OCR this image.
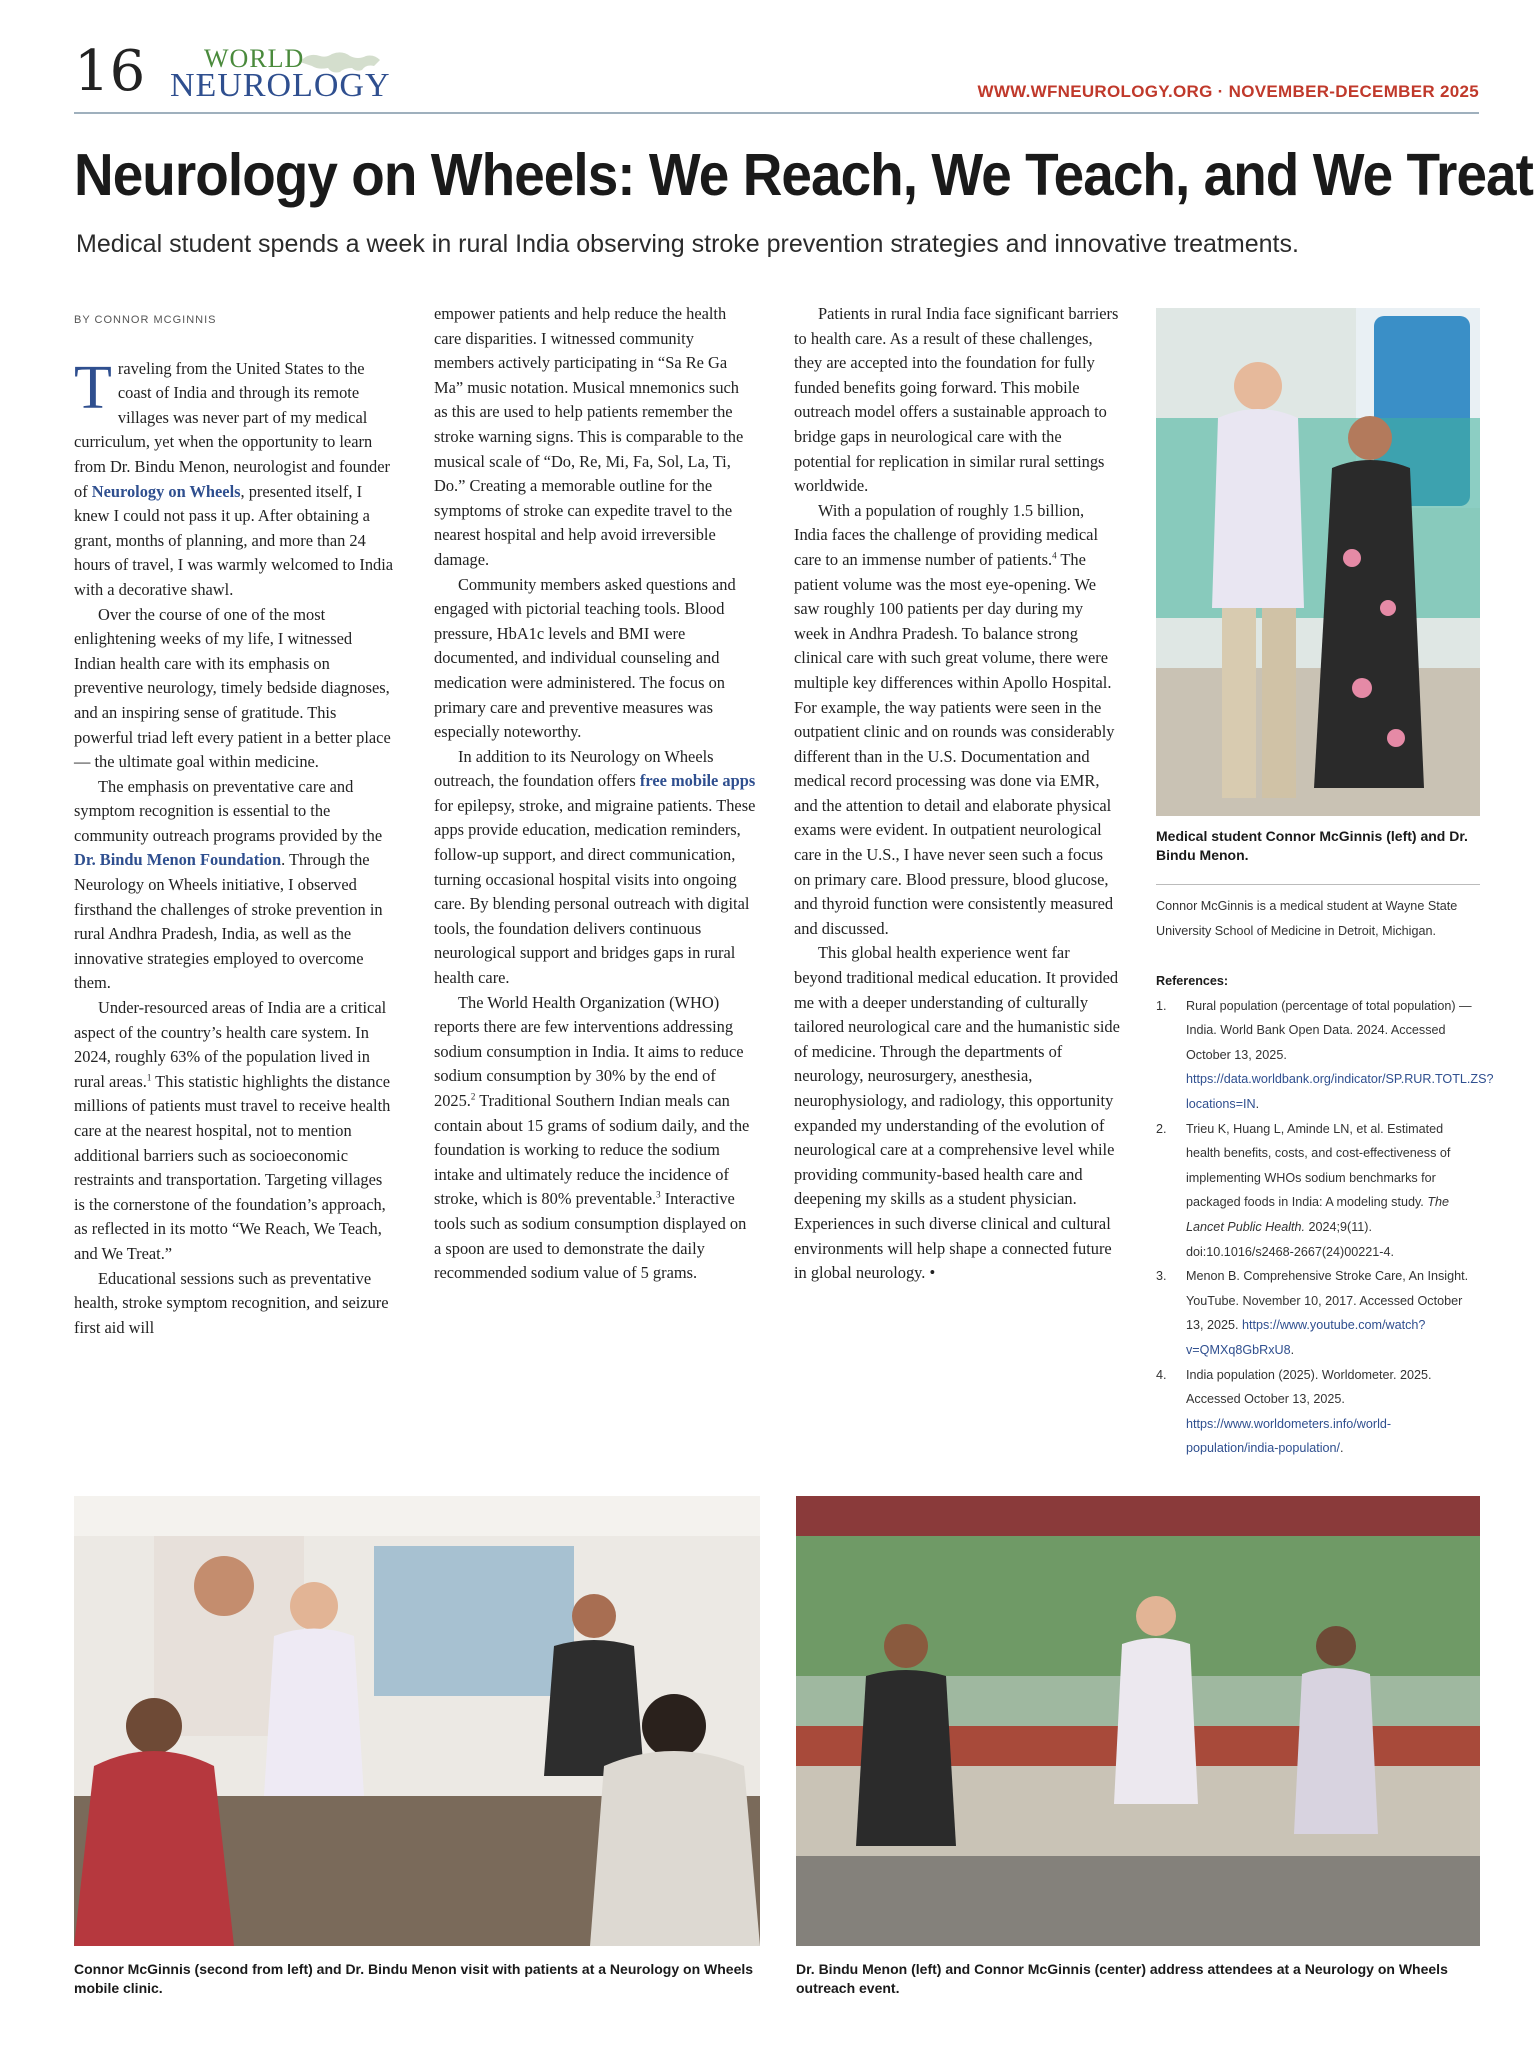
16 WORLD
NEUROLOGY	WWW.WFNEUROLOGY.ORG · NOVEMBER-DECEMBER 2025
Neurology on Wheels: We Reach, We Teach, and We Treat
Medical student spends a week in rural India observing stroke prevention strategies and innovative treatments.
BY CONNOR MCGINNIS

Traveling from the United States to the coast of India and through its remote villages was never part of my medical curriculum, yet when the opportunity to learn from Dr. Bindu Menon, neurologist and founder of Neurology on Wheels, presented itself, I knew I could not pass it up. After obtaining a grant, months of planning, and more than 24 hours of travel, I was warmly welcomed to India with a decorative shawl.

Over the course of one of the most enlightening weeks of my life, I witnessed Indian health care with its emphasis on preventive neurology, timely bedside diagnoses, and an inspiring sense of gratitude. This powerful triad left every patient in a better place — the ultimate goal within medicine.

The emphasis on preventative care and symptom recognition is essential to the community outreach programs provided by the Dr. Bindu Menon Foundation. Through the Neurology on Wheels initiative, I observed firsthand the challenges of stroke prevention in rural Andhra Pradesh, India, as well as the innovative strategies employed to overcome them.

Under-resourced areas of India are a critical aspect of the country’s health care system. In 2024, roughly 63% of the population lived in rural areas.$^1$ This statistic highlights the distance millions of patients must travel to receive health care at the nearest hospital, not to mention additional barriers such as socioeconomic restraints and transportation. Targeting villages is the cornerstone of the foundation’s approach, as reflected in its motto “We Reach, We Teach, and We Treat.”

Educational sessions such as preventative health, stroke symptom recognition, and seizure first aid will

empower patients and help reduce the health care disparities. I witnessed community members actively participating in “Sa Re Ga Ma” music notation. Musical mnemonics such as this are used to help patients remember the stroke warning signs. This is comparable to the musical scale of “Do, Re, Mi, Fa, Sol, La, Ti, Do.” Creating a memorable outline for the symptoms of stroke can expedite travel to the nearest hospital and help avoid irreversible damage.

Community members asked questions and engaged with pictorial teaching tools. Blood pressure, HbA1c levels and BMI were documented, and individual counseling and medication were administered. The focus on primary care and preventive measures was especially noteworthy.

In addition to its Neurology on Wheels outreach, the foundation offers free mobile apps for epilepsy, stroke, and migraine patients. These apps provide education, medication reminders, follow-up support, and direct communication, turning occasional hospital visits into ongoing care. By blending personal outreach with digital tools, the foundation delivers continuous neurological support and bridges gaps in rural health care.

The World Health Organization (WHO) reports there are few interventions addressing sodium consumption in India. It aims to reduce sodium consumption by 30% by the end of 2025.$^2$ Traditional Southern Indian meals can contain about 15 grams of sodium daily, and the foundation is working to reduce the sodium intake and ultimately reduce the incidence of stroke, which is 80% preventable.$^3$ Interactive tools such as sodium consumption displayed on a spoon are used to demonstrate the daily recommended sodium value of 5 grams.

Patients in rural India face significant barriers to health care. As a result of these challenges, they are accepted into the foundation for fully funded benefits going forward. This mobile outreach model offers a sustainable approach to bridge gaps in neurological care with the potential for replication in similar rural settings worldwide.

With a population of roughly 1.5 billion, India faces the challenge of providing medical care to an immense number of patients.$^4$ The patient volume was the most eye-opening. We saw roughly 100 patients per day during my week in Andhra Pradesh. To balance strong clinical care with such great volume, there were multiple key differences within Apollo Hospital. For example, the way patients were seen in the outpatient clinic and on rounds was considerably different than in the U.S. Documentation and medical record processing was done via EMR, and the attention to detail and elaborate physical exams were evident. In outpatient neurological care in the U.S., I have never seen such a focus on primary care. Blood pressure, blood glucose, and thyroid function were consistently measured and discussed.

This global health experience went far beyond traditional medical education. It provided me with a deeper understanding of culturally tailored neurological care and the humanistic side of medicine. Through the departments of neurology, neurosurgery, anesthesia, neurophysiology, and radiology, this opportunity expanded my understanding of the evolution of neurological care at a comprehensive level while providing community-based health care and deepening my skills as a student physician. Experiences in such diverse clinical and cultural environments will help shape a connected future in global neurology. •

Medical student Connor McGinnis (left) and Dr. Bindu Menon.
Connor McGinnis is a medical student at Wayne State University School of Medicine in Detroit, Michigan.
References:
1. Rural population (percentage of total population) — India. World Bank Open Data. 2024. Accessed October 13, 2025. https://data.worldbank.org/indicator/SP.RUR.TOTL.ZS?locations=IN.
2. Trieu K, Huang L, Aminde LN, et al. Estimated health benefits, costs, and cost-effectiveness of implementing WHOs sodium benchmarks for packaged foods in India: A modeling study. The Lancet Public Health. 2024;9(11). doi:10.1016/s2468-2667(24)00221-4.
3. Menon B. Comprehensive Stroke Care, An Insight. YouTube. November 10, 2017. Accessed October 13, 2025. https://www.youtube.com/watch?v=QMXq8GbRxU8.
4. India population (2025). Worldometer. 2025. Accessed October 13, 2025. https://www.worldometers.info/world-population/india-population/.
Connor McGinnis (second from left) and Dr. Bindu Menon visit with patients at a Neurology on Wheels mobile clinic.
Dr. Bindu Menon (left) and Connor McGinnis (center) address attendees at a Neurology on Wheels outreach event.
